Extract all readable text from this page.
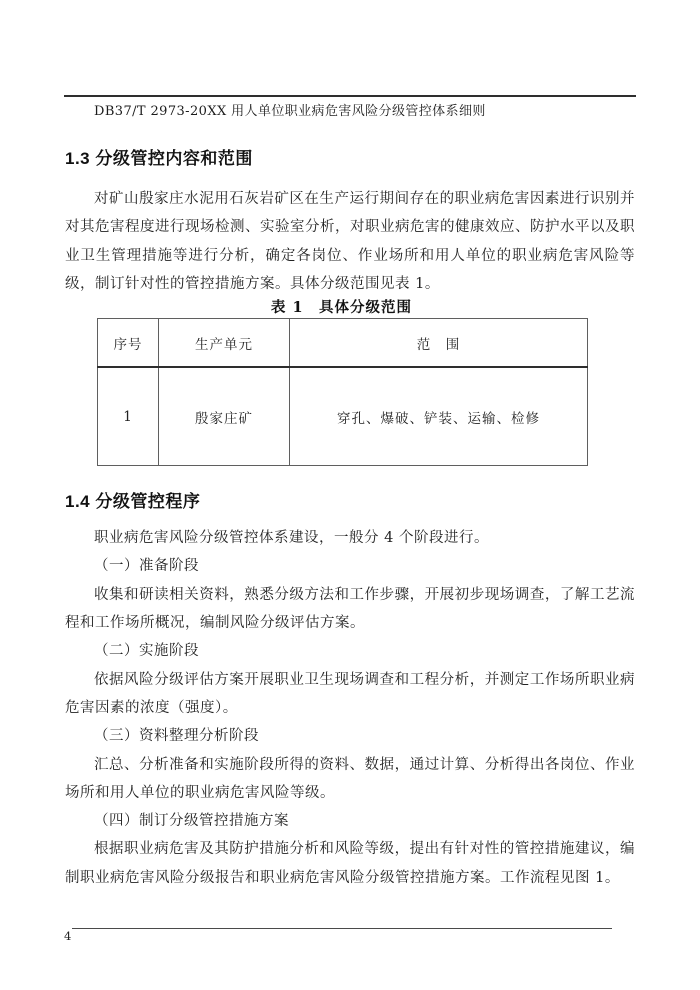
DB37/T 2973-20XX 用人单位职业病危害风险分级管控体系细则
1.3 分级管控内容和范围

对矿山殷家庄水泥用石灰岩矿区在生产运行期间存在的职业病危害因素进行识别并对其危害程度进行现场检测、实验室分析，对职业病危害的健康效应、防护水平以及职业卫生管理措施等进行分析，确定各岗位、作业场所和用人单位的职业病危害风险等级，制订针对性的管控措施方案。具体分级范围见表 1。

表 1　具体分级范围
序号	生产单元	范　围
1	殷家庄矿	穿孔、爆破、铲装、运输、检修
1.4 分级管控程序

职业病危害风险分级管控体系建设，一般分 4 个阶段进行。

（一）准备阶段

收集和研读相关资料，熟悉分级方法和工作步骤，开展初步现场调查，了解工艺流程和工作场所概况，编制风险分级评估方案。

（二）实施阶段

依据风险分级评估方案开展职业卫生现场调查和工程分析，并测定工作场所职业病危害因素的浓度（强度）。

（三）资料整理分析阶段

汇总、分析准备和实施阶段所得的资料、数据，通过计算、分析得出各岗位、作业场所和用人单位的职业病危害风险等级。

（四）制订分级管控措施方案

根据职业病危害及其防护措施分析和风险等级，提出有针对性的管控措施建议，编制职业病危害风险分级报告和职业病危害风险分级管控措施方案。工作流程见图 1。

4
